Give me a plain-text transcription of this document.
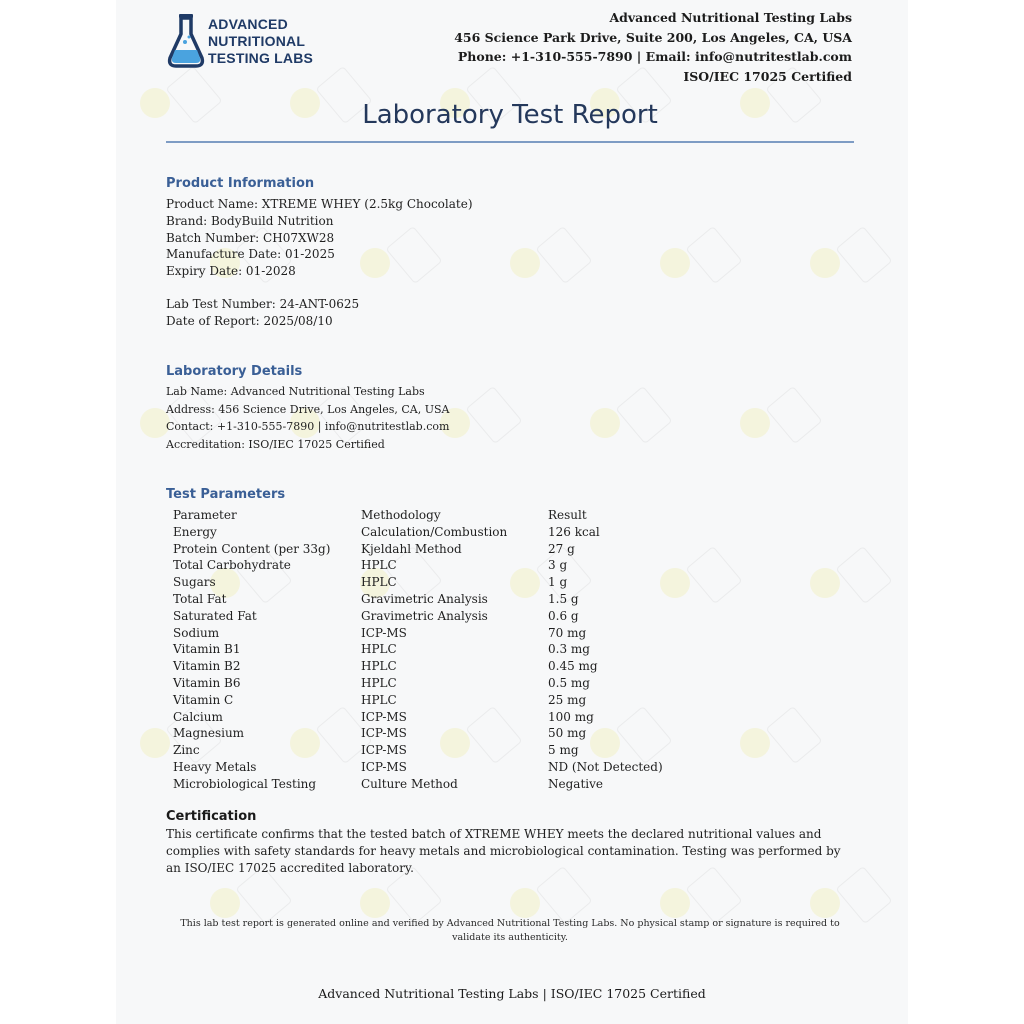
ADVANCED
NUTRITIONAL
TESTING LABS
Advanced Nutritional Testing Labs
456 Science Park Drive, Suite 200, Los Angeles, CA, USA
Phone: +1-310-555-7890 | Email: info@nutritestlab.com
ISO/IEC 17025 Certified
Laboratory Test Report
Product Information
Product Name: XTREME WHEY (2.5kg Chocolate)
Brand: BodyBuild Nutrition
Batch Number: CH07XW28
Manufacture Date: 01-2025
Expiry Date: 01-2028
Lab Test Number: 24-ANT-0625
Date of Report: 2025/08/10
Laboratory Details
Lab Name: Advanced Nutritional Testing Labs
Address: 456 Science Drive, Los Angeles, CA, USA
Contact: +1-310-555-7890 | info@nutritestlab.com
Accreditation: ISO/IEC 17025 Certified
Test Parameters
Parameter	Methodology	Result
Energy	Calculation/Combustion	126 kcal
Protein Content (per 33g)	Kjeldahl Method	27 g
Total Carbohydrate	HPLC	3 g
Sugars	HPLC	1 g
Total Fat	Gravimetric Analysis	1.5 g
Saturated Fat	Gravimetric Analysis	0.6 g
Sodium	ICP-MS	70 mg
Vitamin B1	HPLC	0.3 mg
Vitamin B2	HPLC	0.45 mg
Vitamin B6	HPLC	0.5 mg
Vitamin C	HPLC	25 mg
Calcium	ICP-MS	100 mg
Magnesium	ICP-MS	50 mg
Zinc	ICP-MS	5 mg
Heavy Metals	ICP-MS	ND (Not Detected)
Microbiological Testing	Culture Method	Negative
Certification
This certificate confirms that the tested batch of XTREME WHEY meets the declared nutritional values and
complies with safety standards for heavy metals and microbiological contamination. Testing was performed by
an ISO/IEC 17025 accredited laboratory.
This lab test report is generated online and verified by Advanced Nutritional Testing Labs. No physical stamp or signature is required to
validate its authenticity.
Advanced Nutritional Testing Labs | ISO/IEC 17025 Certified
